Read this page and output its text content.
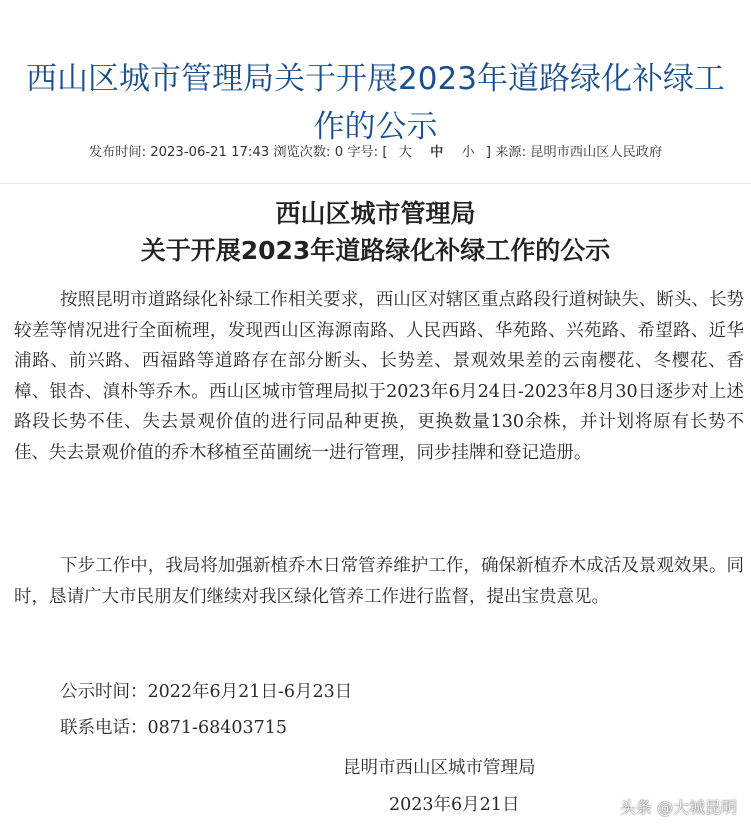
西山区城市管理局关于开展2023年道路绿化补绿工作的公示
发布时间: 2023-06-21 17:43 浏览次数: 0 字号: [ 大 中 小 ] 来源: 昆明市西山区人民政府
西山区城市管理局
关于开展2023年道路绿化补绿工作的公示

按照昆明市道路绿化补绿工作相关要求，西山区对辖区重点路段行道树缺失、断头、长势较差等情况进行全面梳理，发现西山区海源南路、人民西路、华苑路、兴苑路、希望路、近华浦路、前兴路、西福路等道路存在部分断头、长势差、景观效果差的云南樱花、冬樱花、香樟、银杏、滇朴等乔木。西山区城市管理局拟于2023年6月24日-2023年8月30日逐步对上述路段长势不佳、失去景观价值的进行同品种更换，更换数量130余株，并计划将原有长势不佳、失去景观价值的乔木移植至苗圃统一进行管理，同步挂牌和登记造册。

下步工作中，我局将加强新植乔木日常管养维护工作，确保新植乔木成活及景观效果。同时，恳请广大市民朋友们继续对我区绿化管养工作进行监督，提出宝贵意见。

公示时间：2022年6月21日-6月23日
联系电话：0871-68403715
昆明市西山区城市管理局
2023年6月21日	头条 @大城昆明
